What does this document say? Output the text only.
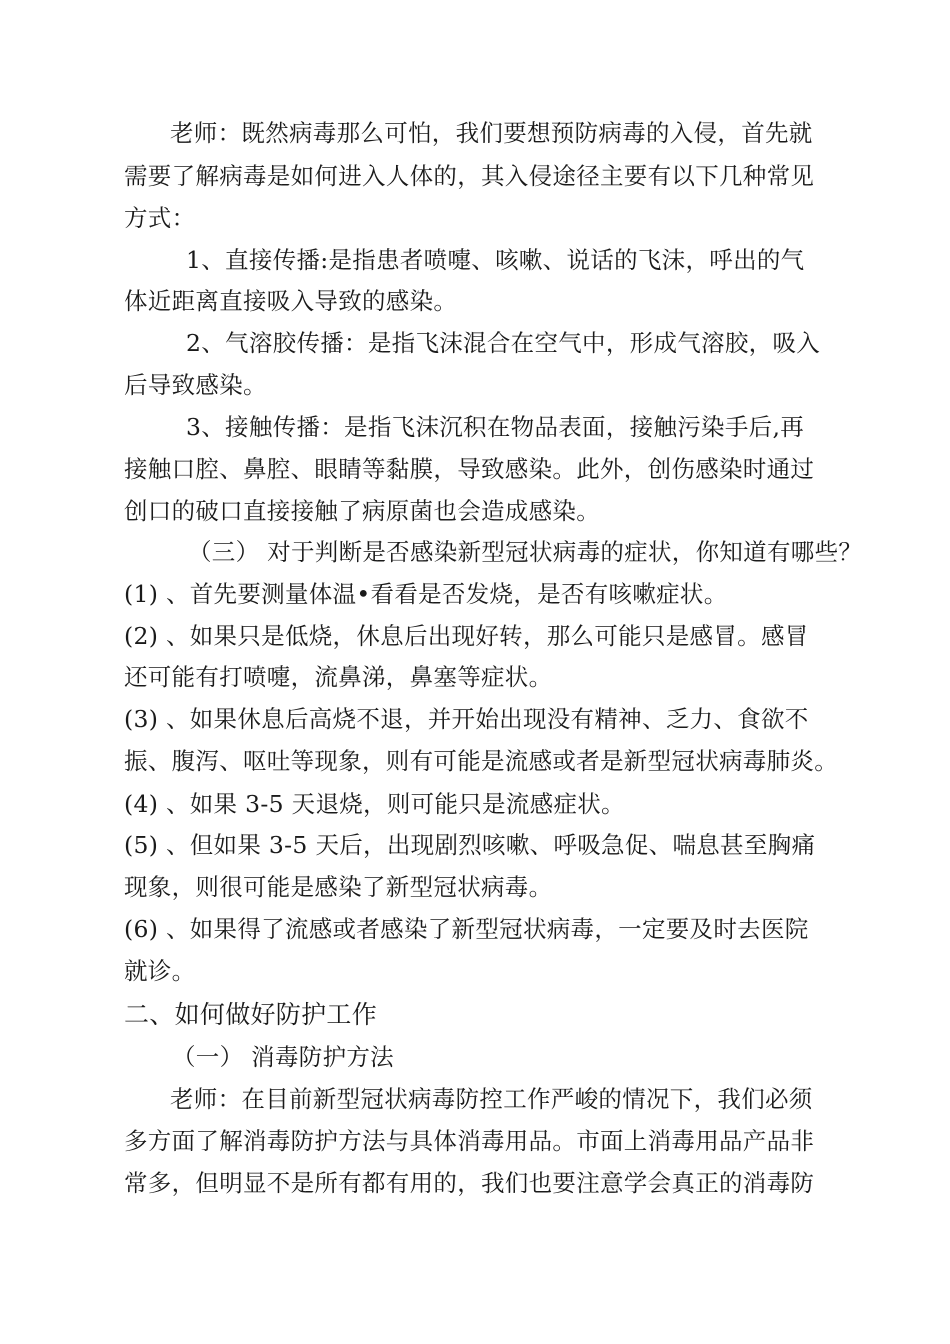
老师：既然病毒那么可怕，我们要想预防病毒的入侵，首先就
需要了解病毒是如何进入人体的，其入侵途径主要有以下几种常见
方式：
1、直接传播:是指患者喷嚏、咳嗽、说话的飞沫，呼出的气
体近距离直接吸入导致的感染。
2、气溶胶传播：是指飞沫混合在空气中，形成气溶胶，吸入
后导致感染。
3、接触传播：是指飞沫沉积在物品表面，接触污染手后,再
接触口腔、鼻腔、眼睛等黏膜，导致感染。此外，创伤感染时通过
创口的破口直接接触了病原菌也会造成感染。
（三） 对于判断是否感染新型冠状病毒的症状，你知道有哪些？
(1) 、首先要测量体温•看看是否发烧，是否有咳嗽症状。
(2) 、如果只是低烧，休息后出现好转，那么可能只是感冒。感冒
还可能有打喷嚏，流鼻涕，鼻塞等症状。
(3) 、如果休息后高烧不退，并开始出现没有精神、乏力、食欲不
振、腹泻、呕吐等现象，则有可能是流感或者是新型冠状病毒肺炎。
(4) 、如果 3-5 天退烧，则可能只是流感症状。
(5) 、但如果 3-5 天后，出现剧烈咳嗽、呼吸急促、喘息甚至胸痛
现象，则很可能是感染了新型冠状病毒。
(6) 、如果得了流感或者感染了新型冠状病毒，一定要及时去医院
就诊。
二、如何做好防护工作
（一） 消毒防护方法
老师：在目前新型冠状病毒防控工作严峻的情况下，我们必须
多方面了解消毒防护方法与具体消毒用品。市面上消毒用品产品非
常多，但明显不是所有都有用的，我们也要注意学会真正的消毒防
